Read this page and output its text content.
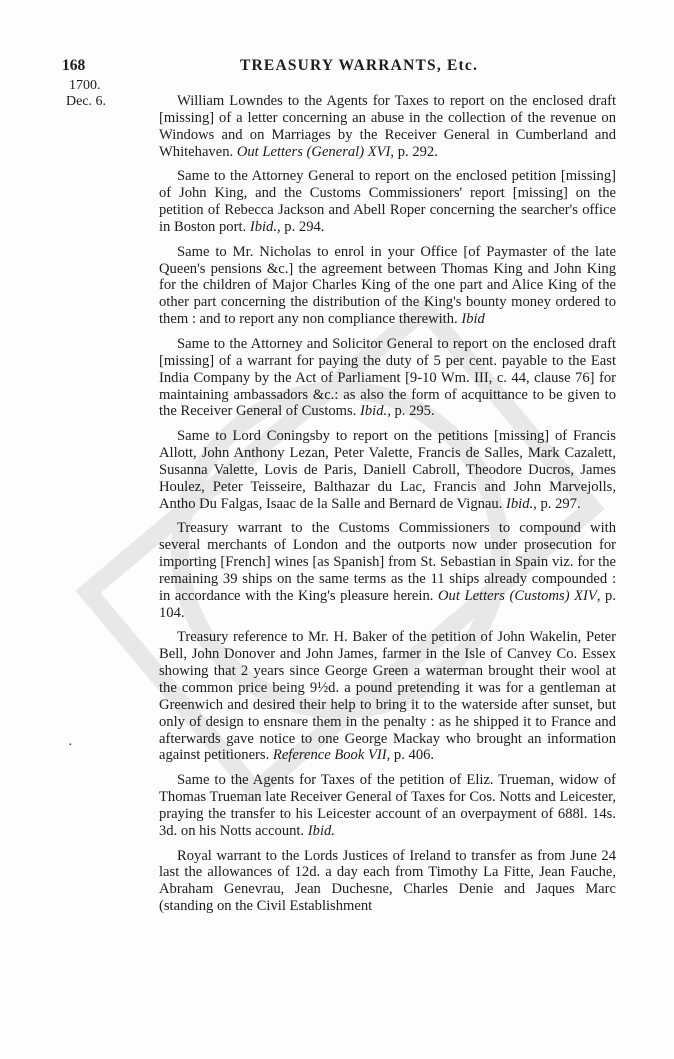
168	TREASURY WARRANTS, Etc.
1700.
Dec. 6.
·

William Lowndes to the Agents for Taxes to report on the enclosed draft [missing] of a letter concerning an abuse in the collection of the revenue on Windows and on Marriages by the Receiver General in Cumberland and Whitehaven. Out Letters (General) XVI, p. 292.

Same to the Attorney General to report on the enclosed petition [missing] of John King, and the Customs Commissioners' report [missing] on the petition of Rebecca Jackson and Abell Roper concerning the searcher's office in Boston port. Ibid., p. 294.

Same to Mr. Nicholas to enrol in your Office [of Paymaster of the late Queen's pensions &c.] the agreement between Thomas King and John King for the children of Major Charles King of the one part and Alice King of the other part concerning the distribution of the King's bounty money ordered to them : and to report any non compliance therewith. Ibid

Same to the Attorney and Solicitor General to report on the enclosed draft [missing] of a warrant for paying the duty of 5 per cent. payable to the East India Company by the Act of Parliament [9-10 Wm. III, c. 44, clause 76] for maintaining ambassadors &c.: as also the form of acquittance to be given to the Receiver General of Customs. Ibid., p. 295.

Same to Lord Coningsby to report on the petitions [missing] of Francis Allott, John Anthony Lezan, Peter Valette, Francis de Salles, Mark Cazalett, Susanna Valette, Lovis de Paris, Daniell Cabroll, Theodore Ducros, James Houlez, Peter Teisseire, Balthazar du Lac, Francis and John Marvejolls, Antho Du Falgas, Isaac de la Salle and Bernard de Vignau. Ibid., p. 297.

Treasury warrant to the Customs Commissioners to compound with several merchants of London and the outports now under prosecution for importing [French] wines [as Spanish] from St. Sebastian in Spain viz. for the remaining 39 ships on the same terms as the 11 ships already compounded : in accordance with the King's pleasure herein. Out Letters (Customs) XIV, p. 104.

Treasury reference to Mr. H. Baker of the petition of John Wakelin, Peter Bell, John Donover and John James, farmer in the Isle of Canvey Co. Essex showing that 2 years since George Green a waterman brought their wool at the common price being 9½d. a pound pretending it was for a gentleman at Greenwich and desired their help to bring it to the waterside after sunset, but only of design to ensnare them in the penalty : as he shipped it to France and afterwards gave notice to one George Mackay who brought an information against petitioners. Reference Book VII, p. 406.

Same to the Agents for Taxes of the petition of Eliz. Trueman, widow of Thomas Trueman late Receiver General of Taxes for Cos. Notts and Leicester, praying the transfer to his Leicester account of an overpayment of 688l. 14s. 3d. on his Notts account. Ibid.

Royal warrant to the Lords Justices of Ireland to transfer as from June 24 last the allowances of 12d. a day each from Timothy La Fitte, Jean Fauche, Abraham Genevrau, Jean Duchesne, Charles Denie and Jaques Marc (standing on the Civil Establishment
